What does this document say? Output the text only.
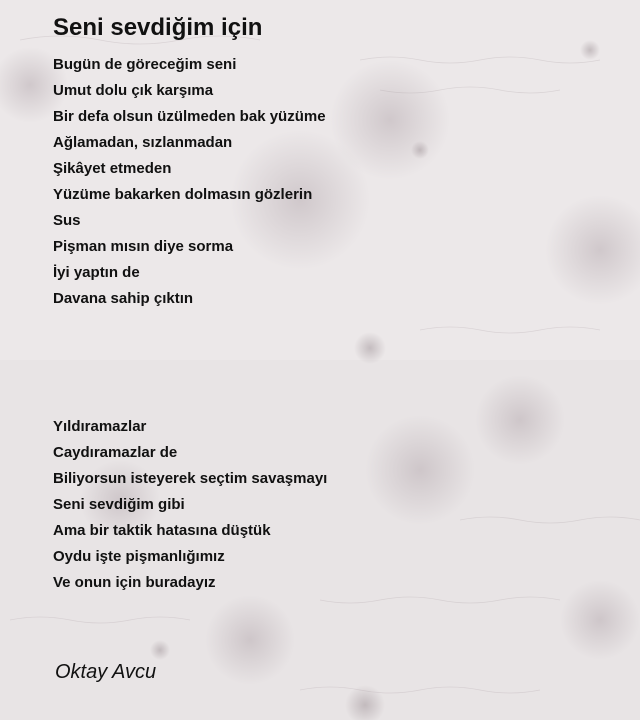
Seni sevdiğim için
Bugün de göreceğim seni
Umut dolu çık karşıma
Bir defa olsun üzülmeden bak yüzüme
Ağlamadan, sızlanmadan
Şikâyet etmeden
Yüzüme bakarken dolmasın gözlerin
Sus
Pişman mısın diye sorma
İyi yaptın de
Davana sahip çıktın
Yıldıramazlar
Caydıramazlar de
Biliyorsun isteyerek seçtim savaşmayı
Seni sevdiğim gibi
Ama bir taktik hatasına düştük
Oydu işte pişmanlığımız
Ve onun için buradayız
Oktay Avcu
